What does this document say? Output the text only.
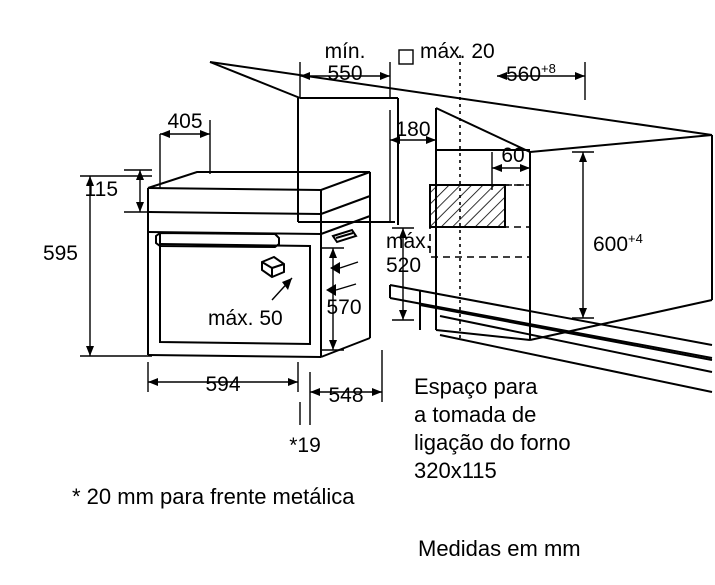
mín.
550
máx. 20
$560^{+8}$
405	180
60
115
595
máx.
520
$600^{+4}$
máx. 50	570
594	548
*19
Espaço para
a tomada de
ligação do forno
320x115
* 20 mm para frente metálica
Medidas em mm
